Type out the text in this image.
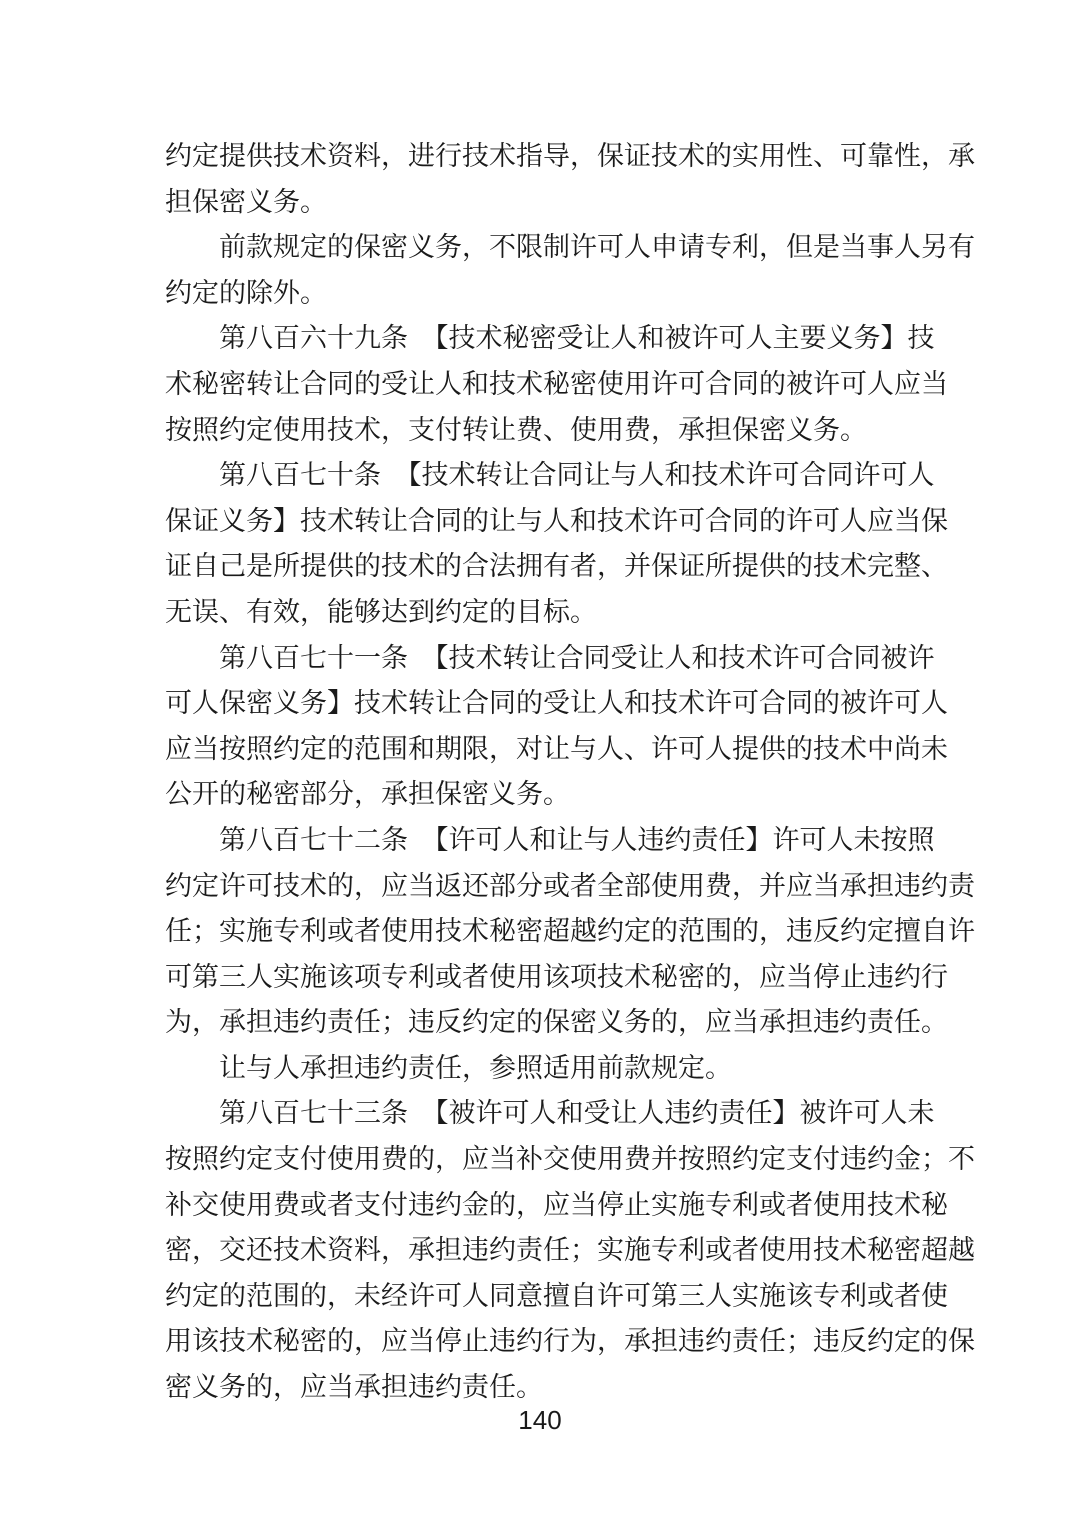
约定提供技术资料，进行技术指导，保证技术的实用性、可靠性，承
担保密义务。
前款规定的保密义务，不限制许可人申请专利，但是当事人另有
约定的除外。
第八百六十九条　【技术秘密受让人和被许可人主要义务】技
术秘密转让合同的受让人和技术秘密使用许可合同的被许可人应当
按照约定使用技术，支付转让费、使用费，承担保密义务。
第八百七十条　【技术转让合同让与人和技术许可合同许可人
保证义务】技术转让合同的让与人和技术许可合同的许可人应当保
证自己是所提供的技术的合法拥有者，并保证所提供的技术完整、
无误、有效，能够达到约定的目标。
第八百七十一条　【技术转让合同受让人和技术许可合同被许
可人保密义务】技术转让合同的受让人和技术许可合同的被许可人
应当按照约定的范围和期限，对让与人、许可人提供的技术中尚未
公开的秘密部分，承担保密义务。
第八百七十二条　【许可人和让与人违约责任】许可人未按照
约定许可技术的，应当返还部分或者全部使用费，并应当承担违约责
任；实施专利或者使用技术秘密超越约定的范围的，违反约定擅自许
可第三人实施该项专利或者使用该项技术秘密的，应当停止违约行
为，承担违约责任；违反约定的保密义务的，应当承担违约责任。
让与人承担违约责任，参照适用前款规定。
第八百七十三条　【被许可人和受让人违约责任】被许可人未
按照约定支付使用费的，应当补交使用费并按照约定支付违约金；不
补交使用费或者支付违约金的，应当停止实施专利或者使用技术秘
密，交还技术资料，承担违约责任；实施专利或者使用技术秘密超越
约定的范围的，未经许可人同意擅自许可第三人实施该专利或者使
用该技术秘密的，应当停止违约行为，承担违约责任；违反约定的保
密义务的，应当承担违约责任。
140
